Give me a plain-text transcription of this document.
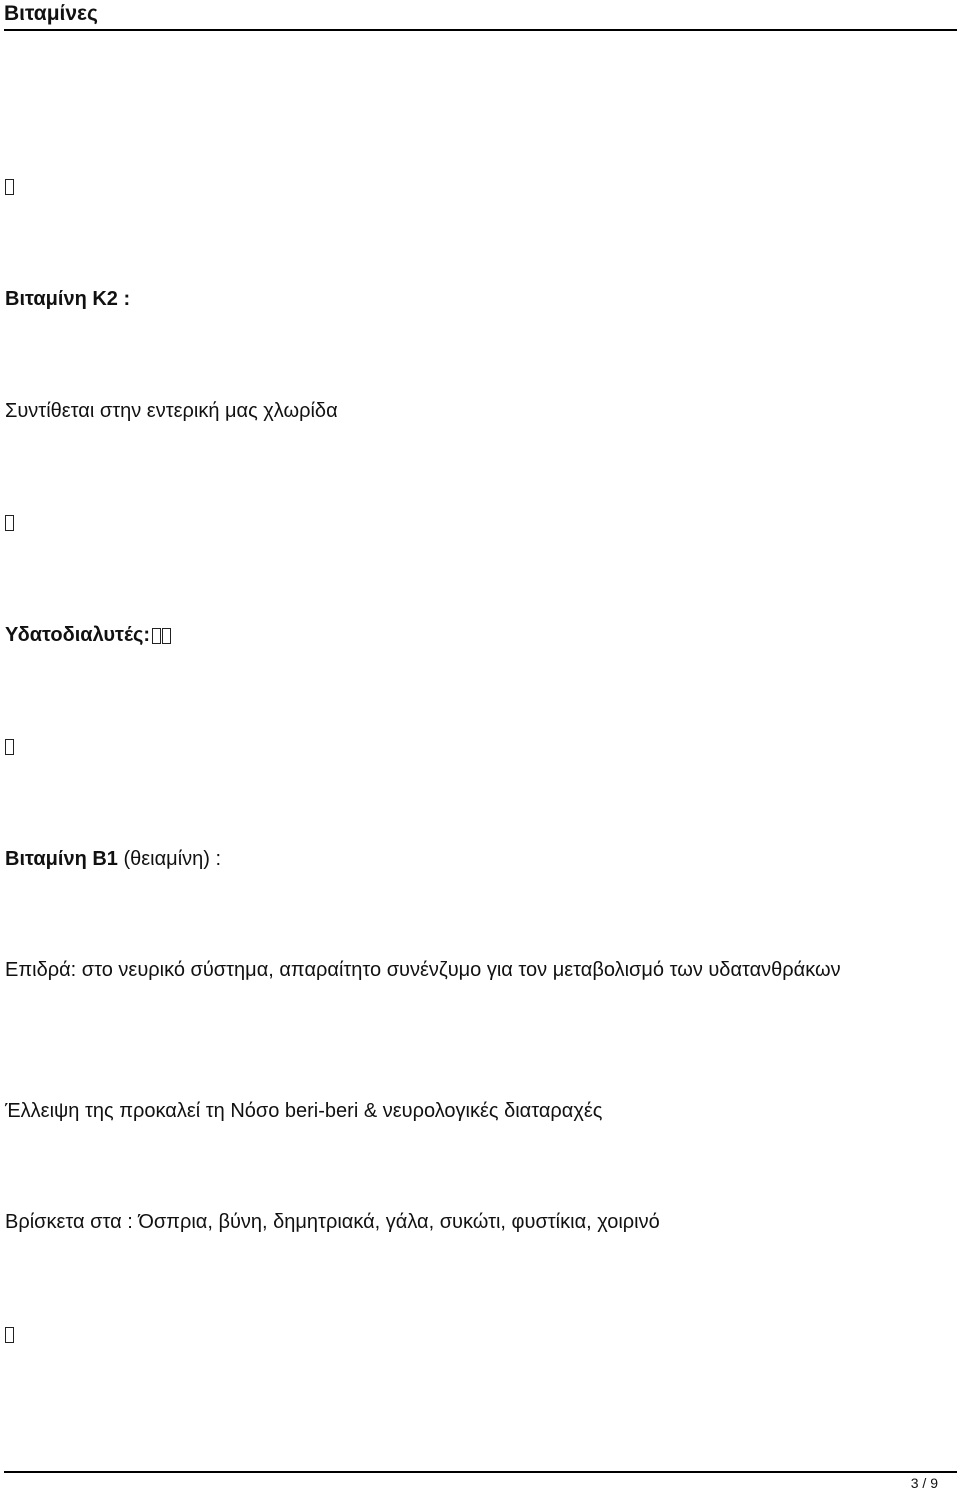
Βιταμίνες
Βιταμίνη Κ2 :
Συντίθεται στην εντερική μας χλωρίδα
Υδατοδιαλυτές:
Βιταμίνη Β1 (θειαμίνη) :
Επιδρά: στο νευρικό σύστημα, απαραίτητο συνένζυμο για τον μεταβολισμό των υδατανθράκων
Έλλειψη της προκαλεί τη Νόσο beri-beri & νευρολογικές διαταραχές
Βρίσκετα στα : Όσπρια, βύνη, δημητριακά, γάλα, συκώτι, φυστίκια, χοιρινό
3 / 9
